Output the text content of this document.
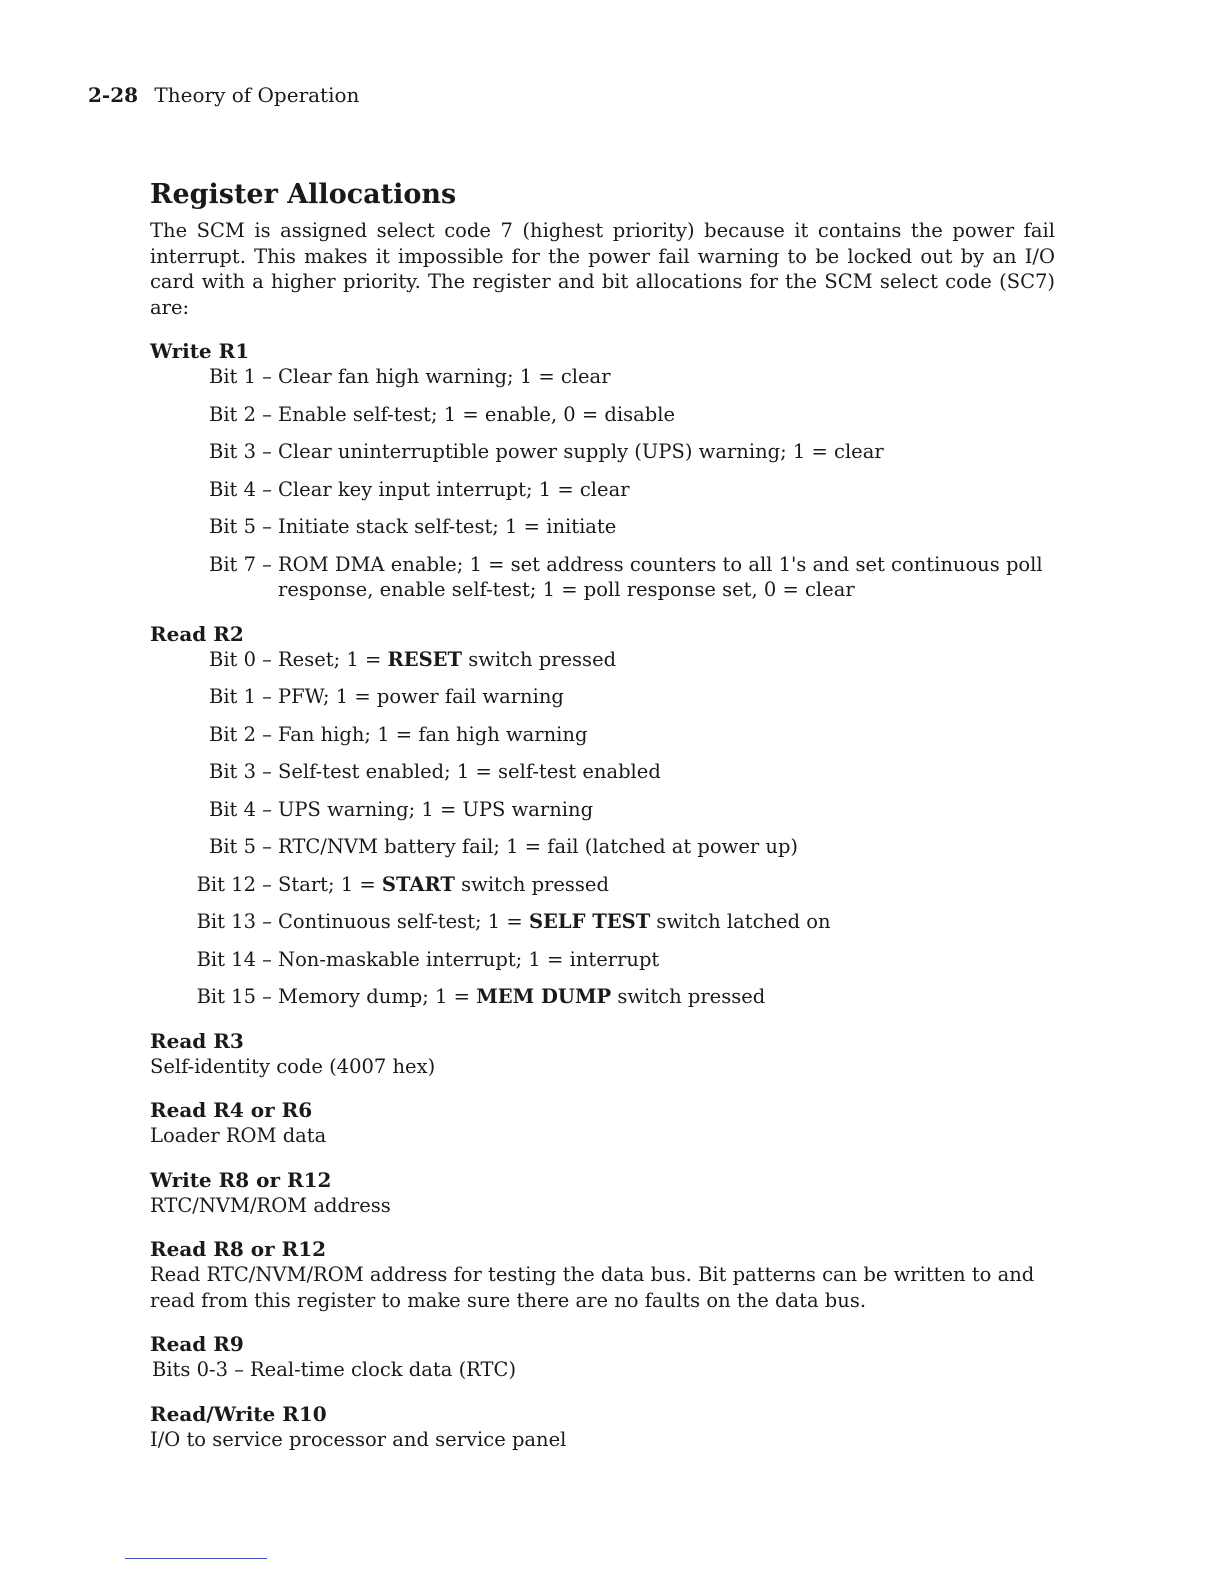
2-28 Theory of Operation
Register Allocations

The SCM is assigned select code 7 (highest priority) because it contains the power fail interrupt. This makes it impossible for the power fail warning to be locked out by an I/O card with a higher priority. The register and bit allocations for the SCM select code (SC7) are:

Write R1
Bit 1 – Clear fan high warning; 1 = clear
Bit 2 – Enable self-test; 1 = enable, 0 = disable
Bit 3 – Clear uninterruptible power supply (UPS) warning; 1 = clear
Bit 4 – Clear key input interrupt; 1 = clear
Bit 5 – Initiate stack self-test; 1 = initiate
Bit 7 – ROM DMA enable; 1 = set address counters to all 1's and set continuous poll response, enable self-test; 1 = poll response set, 0 = clear
Read R2
Bit 0 – Reset; 1 = RESET switch pressed
Bit 1 – PFW; 1 = power fail warning
Bit 2 – Fan high; 1 = fan high warning
Bit 3 – Self-test enabled; 1 = self-test enabled
Bit 4 – UPS warning; 1 = UPS warning
Bit 5 – RTC/NVM battery fail; 1 = fail (latched at power up)
Bit 12 – Start; 1 = START switch pressed
Bit 13 – Continuous self-test; 1 = SELF TEST switch latched on
Bit 14 – Non-maskable interrupt; 1 = interrupt
Bit 15 – Memory dump; 1 = MEM DUMP switch pressed
Read R3

Self-identity code (4007 hex)

Read R4 or R6

Loader ROM data

Write R8 or R12

RTC/NVM/ROM address

Read R8 or R12

Read RTC/NVM/ROM address for testing the data bus. Bit patterns can be written to and read from this register to make sure there are no faults on the data bus.

Read R9
Bits 0-3 – Real-time clock data (RTC)
Read/Write R10

I/O to service processor and service panel
